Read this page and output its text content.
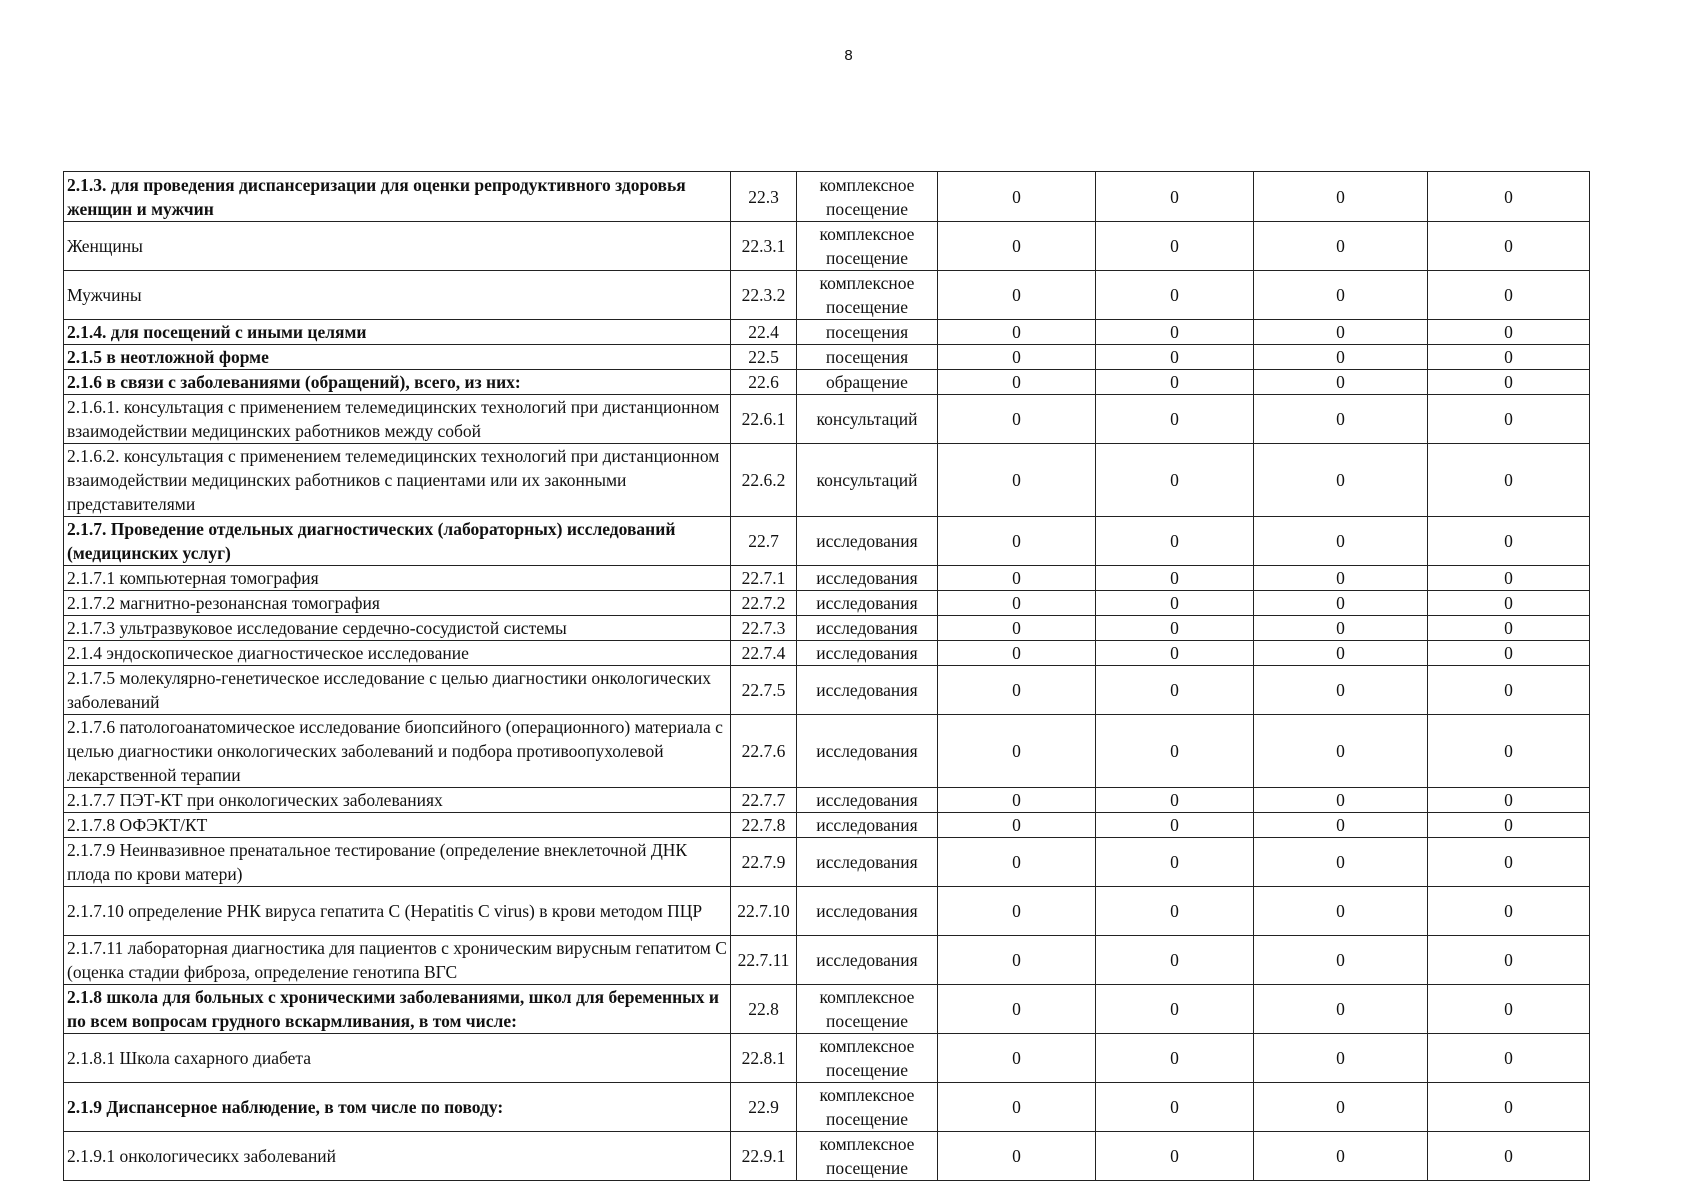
8
2.1.3. для проведения диспансеризации для оценки репродуктивного здоровья женщин и мужчин	22.3	комплексное посещение	0	0	0	0
Женщины	22.3.1	комплексное посещение	0	0	0	0
Мужчины	22.3.2	комплексное посещение	0	0	0	0
2.1.4. для посещений с иными целями	22.4	посещения	0	0	0	0
2.1.5 в неотложной форме	22.5	посещения	0	0	0	0
2.1.6 в связи с заболеваниями (обращений), всего, из них:	22.6	обращение	0	0	0	0
2.1.6.1. консультация с применением телемедицинских технологий при дистанционном взаимодействии медицинских работников между собой	22.6.1	консультаций	0	0	0	0
2.1.6.2. консультация с применением телемедицинских технологий при дистанционном взаимодействии медицинских работников с пациентами или их законными представителями	22.6.2	консультаций	0	0	0	0
2.1.7. Проведение отдельных диагностических (лабораторных) исследований (медицинских услуг)	22.7	исследования	0	0	0	0
2.1.7.1 компьютерная томография	22.7.1	исследования	0	0	0	0
2.1.7.2 магнитно-резонансная томография	22.7.2	исследования	0	0	0	0
2.1.7.3 ультразвуковое исследование сердечно-сосудистой системы	22.7.3	исследования	0	0	0	0
2.1.4 эндоскопическое диагностическое исследование	22.7.4	исследования	0	0	0	0
2.1.7.5 молекулярно-генетическое исследование с целью диагностики онкологических заболеваний	22.7.5	исследования	0	0	0	0
2.1.7.6 патологоанатомическое исследование биопсийного (операционного) материала с целью диагностики онкологических заболеваний и подбора противоопухолевой лекарственной терапии	22.7.6	исследования	0	0	0	0
2.1.7.7 ПЭТ-КТ при онкологических заболеваниях	22.7.7	исследования	0	0	0	0
2.1.7.8 ОФЭКТ/КТ	22.7.8	исследования	0	0	0	0
2.1.7.9 Неинвазивное пренатальное тестирование (определение внеклеточной ДНК плода по крови матери)	22.7.9	исследования	0	0	0	0
2.1.7.10 определение РНК вируса гепатита С (Hepatitis C virus) в крови методом ПЦР	22.7.10	исследования	0	0	0	0
2.1.7.11 лабораторная диагностика для пациентов с хроническим вирусным гепатитом С (оценка стадии фиброза, определение генотипа ВГС	22.7.11	исследования	0	0	0	0
2.1.8 школа для больных с хроническими заболеваниями, школ для беременных и по всем вопросам грудного вскармливания, в том числе:	22.8	комплексное посещение	0	0	0	0
2.1.8.1 Школа сахарного диабета	22.8.1	комплексное посещение	0	0	0	0
2.1.9 Диспансерное наблюдение, в том числе по поводу:	22.9	комплексное посещение	0	0	0	0
2.1.9.1 онкологичесикх заболеваний	22.9.1	комплексное посещение	0	0	0	0
